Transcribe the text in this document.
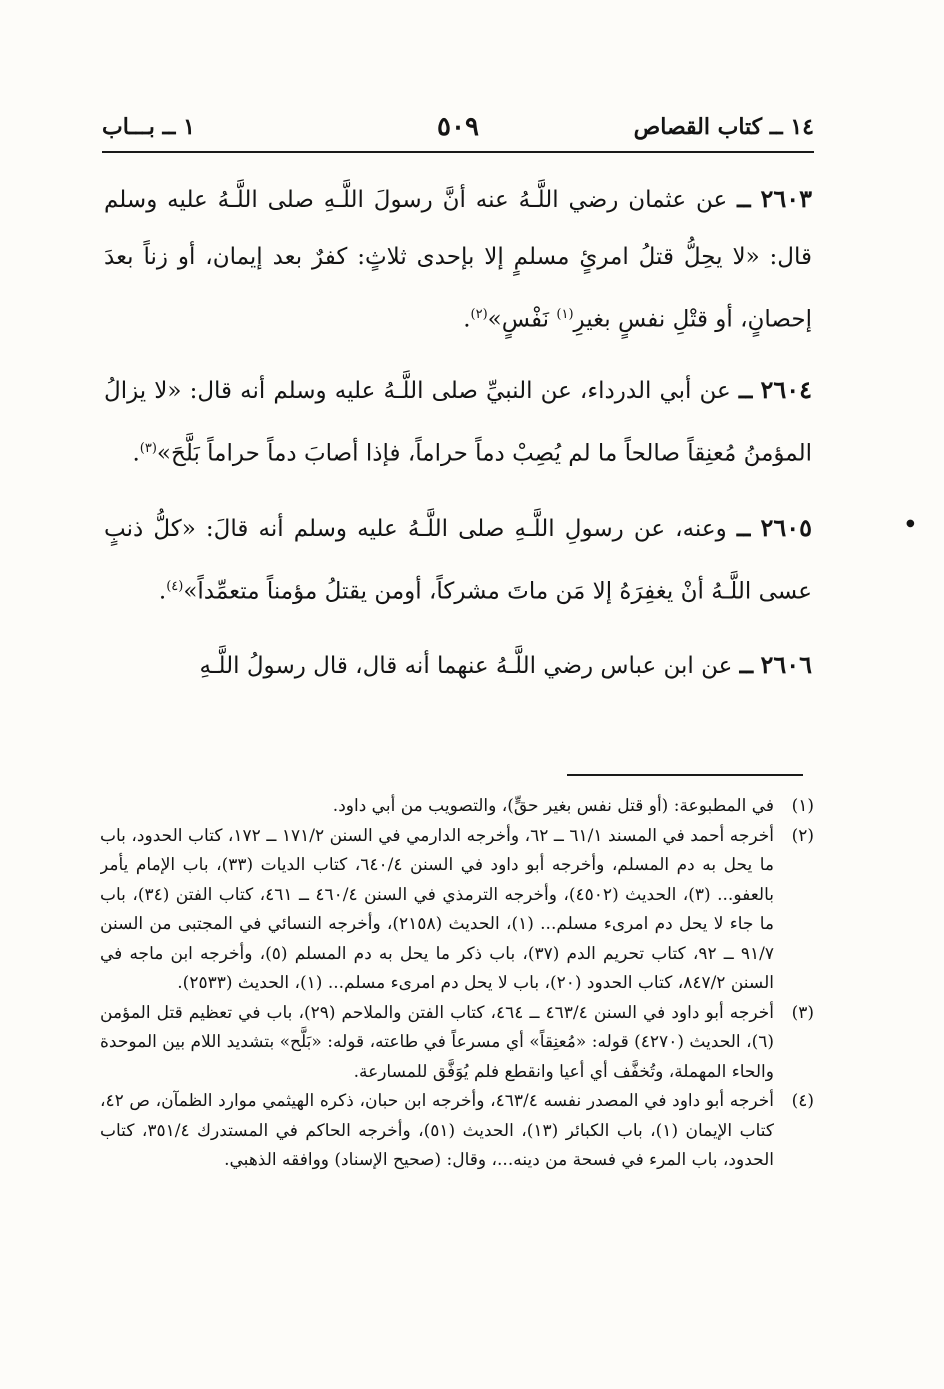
١ ــ بـــاب	٥٠٩	١٤ ــ كتاب القصاص

٢٦٠٣ ــ عن عثمان رضي اللَّـهُ عنه أنَّ رسولَ اللَّـهِ صلى اللَّـهُ عليه وسلم قال: «لا يحِلُّ قتلُ امرئٍ مسلمٍ إلا بإحدى ثلاثٍ: كفرٌ بعد إيمان، أو زناً بعدَ إحصانٍ، أو قتْلِ نفسٍ بغيرِ$^{(١)}$ نَفْسٍ»$^{(٢)}$.

٢٦٠٤ ــ عن أبي الدرداء، عن النبيِّ صلى اللَّـهُ عليه وسلم أنه قال: «لا يزالُ المؤمنُ مُعنِقاً صالحاً ما لم يُصِبْ دماً حراماً، فإذا أصابَ دماً حراماً بَلَّحَ»$^{(٣)}$.

٢٦٠٥ ــ وعنه، عن رسولِ اللَّـهِ صلى اللَّـهُ عليه وسلم أنه قالَ: «كلُّ ذنبٍ عسى اللَّـهُ أنْ يغفِرَهُ إلا مَن ماتَ مشركاً، أومن يقتلُ مؤمناً متعمِّداً»$^{(٤)}$.

٢٦٠٦ ــ عن ابن عباس رضي اللَّـهُ عنهما أنه قال، قال رسولُ اللَّـهِ

●

(١)
في المطبوعة: (أو قتل نفس بغير حقٍّ)، والتصويب من أبي داود.

(٢)
أخرجه أحمد في المسند ٦١/١ ــ ٦٢، وأخرجه الدارمي في السنن ١٧١/٢ ــ ١٧٢، كتاب الحدود، باب ما يحل به دم المسلم، وأخرجه أبو داود في السنن ٦٤٠/٤، كتاب الديات (٣٣)، باب الإمام يأمر بالعفو... (٣)، الحديث (٤٥٠٢)، وأخرجه الترمذي في السنن ٤٦٠/٤ ــ ٤٦١، كتاب الفتن (٣٤)، باب ما جاء لا يحل دم امرىء مسلم... (١)، الحديث (٢١٥٨)، وأخرجه النسائي في المجتبى من السنن ٩١/٧ ــ ٩٢، كتاب تحريم الدم (٣٧)، باب ذكر ما يحل به دم المسلم (٥)، وأخرجه ابن ماجه في السنن ٨٤٧/٢، كتاب الحدود (٢٠)، باب لا يحل دم امرىء مسلم... (١)، الحديث (٢٥٣٣).

(٣)
أخرجه أبو داود في السنن ٤٦٣/٤ ــ ٤٦٤، كتاب الفتن والملاحم (٢٩)، باب في تعظيم قتل المؤمن (٦)، الحديث (٤٢٧٠) قوله: «مُعنِقاً» أي مسرعاً في طاعته، قوله: «بَلَّح» بتشديد اللام بين الموحدة والحاء المهملة، وتُخفَّف أي أعيا وانقطع فلم يُوَفَّق للمسارعة.

(٤)
أخرجه أبو داود في المصدر نفسه ٤٦٣/٤، وأخرجه ابن حبان، ذكره الهيثمي موارد الظمآن، ص ٤٢، كتاب الإيمان (١)، باب الكبائر (١٣)، الحديث (٥١)، وأخرجه الحاكم في المستدرك ٣٥١/٤، كتاب الحدود، باب المرء في فسحة من دينه...، وقال: (صحيح الإسناد) ووافقه الذهبي.
